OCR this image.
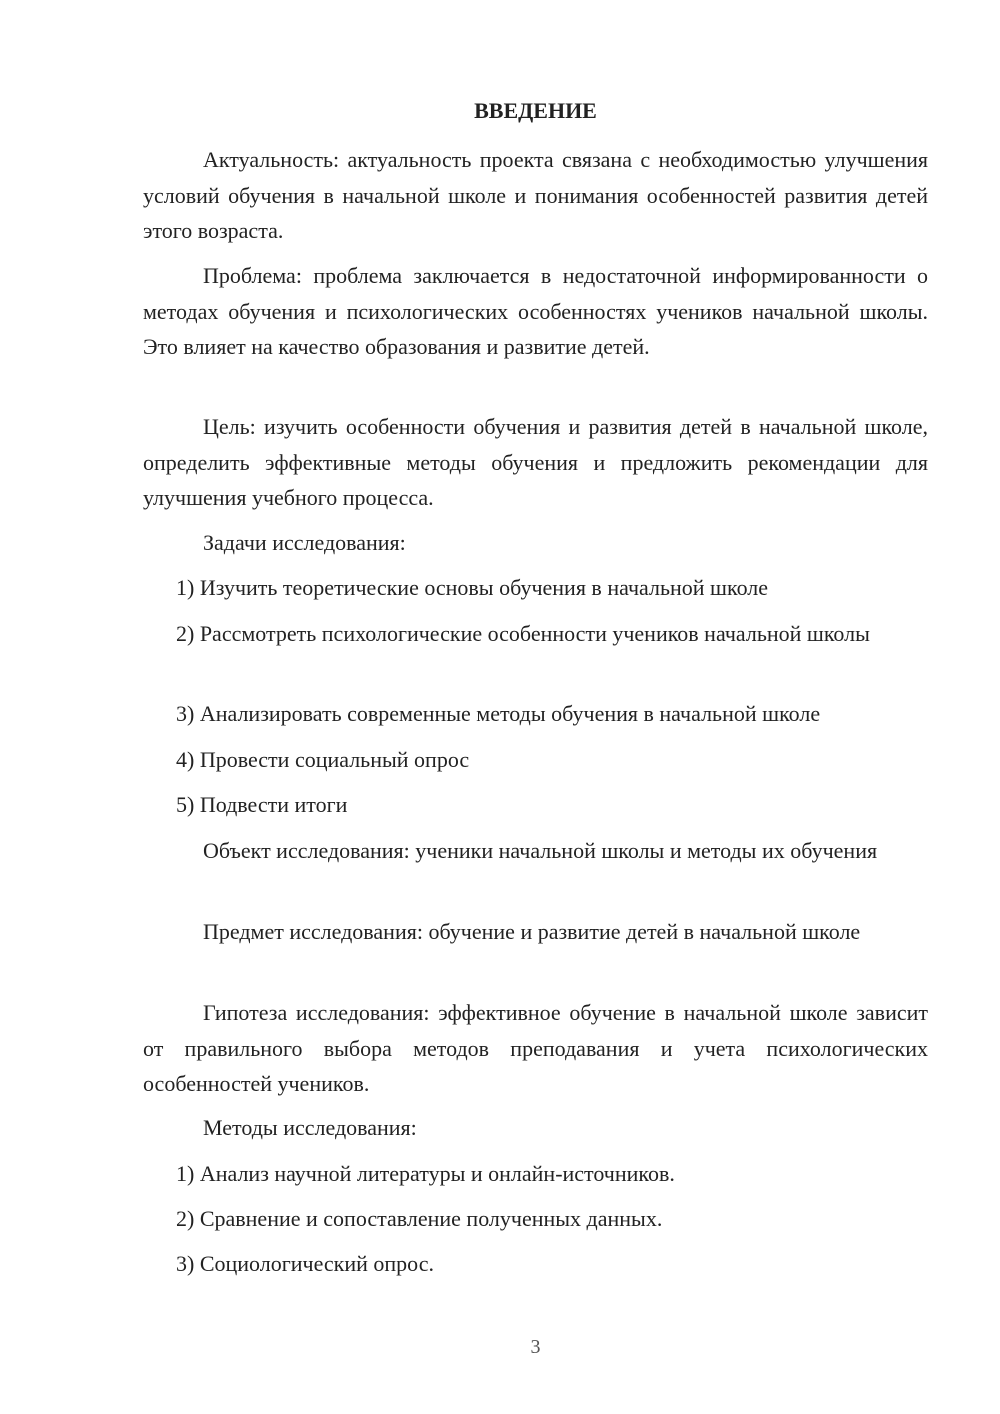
ВВЕДЕНИЕ

Актуальность: актуальность проекта связана с необходимостью улучшения условий обучения в начальной школе и понимания особенностей развития детей этого возраста.

Проблема: проблема заключается в недостаточной информированности о методах обучения и психологических особенностях учеников начальной школы. Это влияет на качество образования и развитие детей.

Цель: изучить особенности обучения и развития детей в начальной школе, определить эффективные методы обучения и предложить рекомендации для улучшения учебного процесса.

Задачи исследования:

1) Изучить теоретические основы обучения в начальной школе

2) Рассмотреть психологические особенности учеников начальной школы

3) Анализировать современные методы обучения в начальной школе

4) Провести социальный опрос

5) Подвести итоги

Объект исследования: ученики начальной школы и методы их обучения

Предмет исследования: обучение и развитие детей в начальной школе

Гипотеза исследования: эффективное обучение в начальной школе зависит от правильного выбора методов преподавания и учета психологических особенностей учеников.

Методы исследования:

1) Анализ научной литературы и онлайн-источников.

2) Сравнение и сопоставление полученных данных.

3) Социологический опрос.

3
